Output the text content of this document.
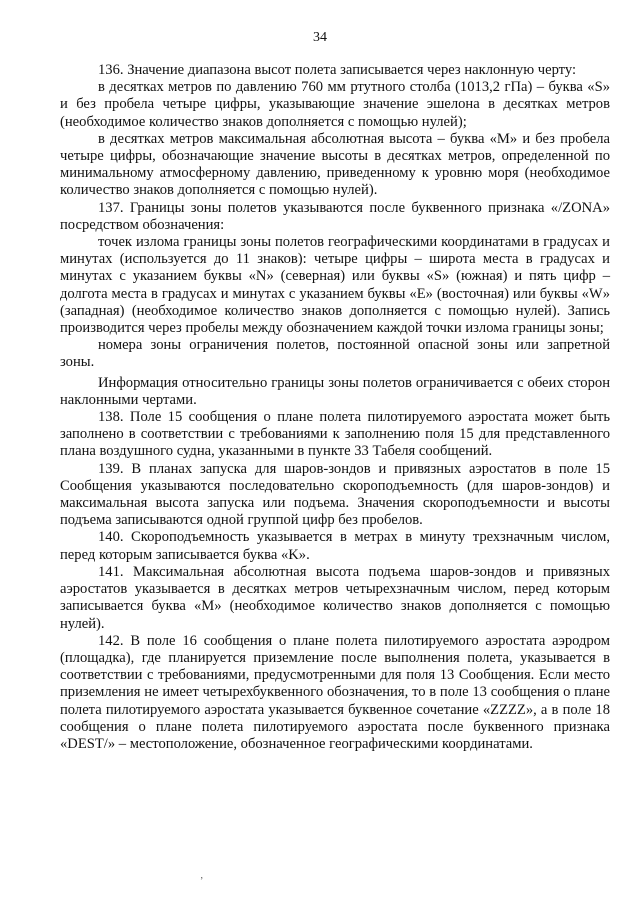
34

136. Значение диапазона высот полета записывается через наклонную черту:

в десятках метров по давлению 760 мм ртутного столба (1013,2 гПа) – буква «S» и без пробела четыре цифры, указывающие значение эшелона в десятках метров (необходимое количество знаков дополняется с помощью нулей);

в десятках метров максимальная абсолютная высота – буква «M» и без пробела четыре цифры, обозначающие значение высоты в десятках метров, определенной по минимальному атмосферному давлению, приведенному к уровню моря (необходимое количество знаков дополняется с помощью нулей).

137. Границы зоны полетов указываются после буквенного признака «/ZONA» посредством обозначения:

точек излома границы зоны полетов географическими координатами в градусах и минутах (используется до 11 знаков): четыре цифры – широта места в градусах и минутах с указанием буквы «N» (северная) или буквы «S» (южная) и пять цифр – долгота места в градусах и минутах с указанием буквы «E» (восточная) или буквы «W» (западная) (необходимое количество знаков дополняется с помощью нулей). Запись производится через пробелы между обозначением каждой точки излома границы зоны;

номера зоны ограничения полетов, постоянной опасной зоны или запретной зоны.

Информация относительно границы зоны полетов ограничивается с обеих сторон наклонными чертами.

138. Поле 15 сообщения о плане полета пилотируемого аэростата может быть заполнено в соответствии с требованиями к заполнению поля 15 для представленного плана воздушного судна, указанными в пункте 33 Табеля сообщений.

139. В планах запуска для шаров-зондов и привязных аэростатов в поле 15 Сообщения указываются последовательно скороподъемность (для шаров-зондов) и максимальная высота запуска или подъема. Значения скороподъемности и высоты подъема записываются одной группой цифр без пробелов.

140. Скороподъемность указывается в метрах в минуту трехзначным числом, перед которым записывается буква «K».

141. Максимальная абсолютная высота подъема шаров-зондов и привязных аэростатов указывается в десятках метров четырехзначным числом, перед которым записывается буква «M» (необходимое количество знаков дополняется с помощью нулей).

142. В поле 16 сообщения о плане полета пилотируемого аэростата аэродром (площадка), где планируется приземление после выполнения полета, указывается в соответствии с требованиями, предусмотренными для поля 13 Сообщения. Если место приземления не имеет четырехбуквенного обозначения, то в поле 13 сообщения о плане полета пилотируемого аэростата указывается буквенное сочетание «ZZZZ», а в поле 18 сообщения о плане полета пилотируемого аэростата после буквенного признака «DEST/» – местоположение, обозначенное географическими координатами.

’
